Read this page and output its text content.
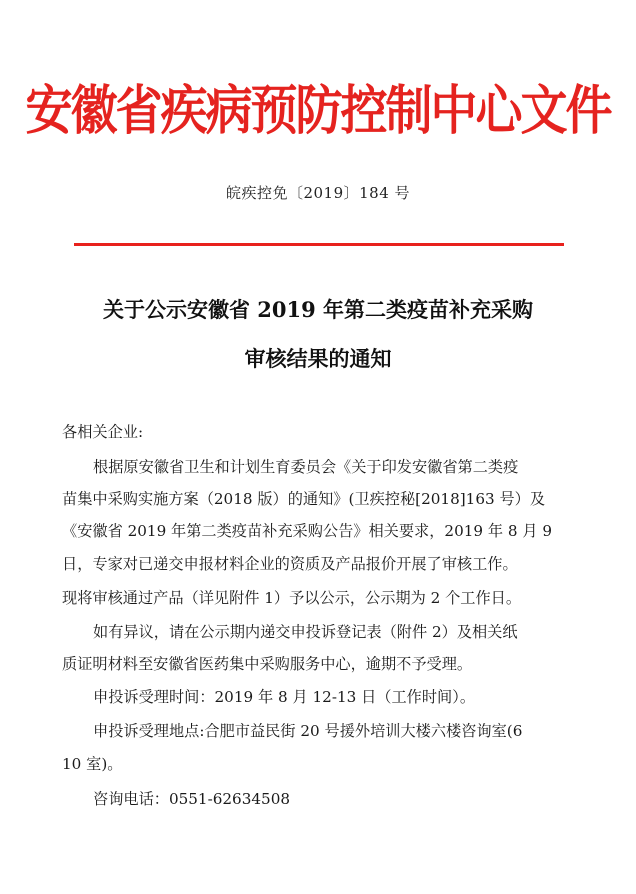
安徽省疾病预防控制中心文件
皖疾控免〔2019〕184 号
关于公示安徽省 2019 年第二类疫苗补充采购
审核结果的通知
各相关企业:
根据原安徽省卫生和计划生育委员会《关于印发安徽省第二类疫
苗集中采购实施方案（2018 版）的通知》(卫疾控秘[2018]163 号）及
《安徽省 2019 年第二类疫苗补充采购公告》相关要求，2019 年 8 月 9
日，专家对已递交申报材料企业的资质及产品报价开展了审核工作。
现将审核通过产品（详见附件 1）予以公示，公示期为 2 个工作日。
如有异议，请在公示期内递交申投诉登记表（附件 2）及相关纸
质证明材料至安徽省医药集中采购服务中心，逾期不予受理。
申投诉受理时间：2019 年 8 月 12-13 日（工作时间）。
申投诉受理地点:合肥市益民街 20 号援外培训大楼六楼咨询室(6
10 室)。
咨询电话：0551-62634508
